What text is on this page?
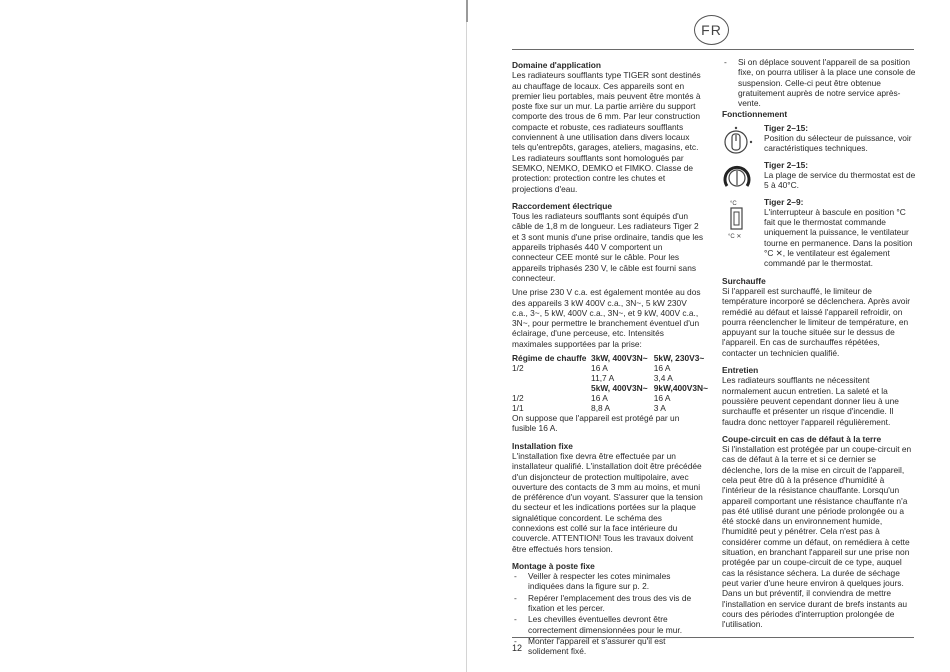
FR
12

Domaine d'application

Les radiateurs soufflants type TIGER sont destinés au chauffage de locaux. Ces appareils sont en premier lieu portables, mais peuvent être montés à poste fixe sur un mur. La partie arrière du support comporte des trous de 6 mm. Par leur construction compacte et robuste, ces radiateurs soufflants conviennent à une utilisation dans divers locaux tels qu'entrepôts, garages, ateliers, magasins, etc. Les radiateurs soufflants sont homologués par SEMKO, NEMKO, DEMKO et FIMKO. Classe de protection: protection contre les chutes et projections d'eau.

Raccordement électrique

Tous les radiateurs soufflants sont équipés d'un câble de 1,8 m de longueur. Les radiateurs Tiger 2 et 3 sont munis d'une prise ordinaire, tandis que les appareils triphasés 440 V comportent un connecteur CEE monté sur le câble. Pour les appareils triphasés 230 V, le câble est fourni sans connecteur.

Une prise 230 V c.a. est également montée au dos des appareils 3 kW 400V c.a., 3N~, 5 kW 230V c.a., 3~, 5 kW, 400V c.a., 3N~, et 9 kW, 400V c.a., 3N~, pour permettre le branchement éventuel d'un éclairage, d'une perceuse, etc. Intensités maximales supportées par la prise:

Régime de chauffe	3kW, 400V3N~	5kW, 230V3~
1/2	16 A	16 A
	11,7 A	3,4 A
	5kW, 400V3N~	9kW,400V3N~
1/2	16 A	16 A
1/1	8,8 A	3 A

On suppose que l'appareil est protégé par un fusible 16 A.

Installation fixe

L'installation fixe devra être effectuée par un installateur qualifié. L'installation doit être précédée d'un disjoncteur de protection multipolaire, avec ouverture des contacts de 3 mm au moins, et muni de préférence d'un voyant. S'assurer que la tension du secteur et les indications portées sur la plaque signalétique concordent. Le schéma des connexions est collé sur la face intérieure du couvercle. ATTENTION! Tous les travaux doivent être effectués hors tension.

Montage à poste fixe

- Veiller à respecter les cotes minimales indiquées dans la figure sur p. 2.
- Repérer l'emplacement des trous des vis de fixation et les percer.
- Les chevilles éventuelles devront être correctement dimensionnées pour le mur.
- Monter l'appareil et s'assurer qu'il est solidement fixé.
- Si on déplace souvent l'appareil de sa position fixe, on pourra utiliser à la place une console de suspension. Celle-ci peut être obtenue gratuitement auprès de notre service après-vente.

Fonctionnement

Tiger 2–15:
Position du sélecteur de puissance, voir caractéristiques techniques.
Tiger 2–15:
La plage de service du thermostat est de 5 à 40°C.
°C
°C ✕
Tiger 2–9:
L'interrupteur à bascule en position °C fait que le thermostat commande uniquement la puissance, le ventilateur tourne en permanence. Dans la position °C ✕, le ventilateur est également commandé par le thermostat.

Surchauffe

Si l'appareil est surchauffé, le limiteur de température incorporé se déclenchera. Après avoir remédié au défaut et laissé l'appareil refroidir, on pourra réenclencher le limiteur de température, en appuyant sur la touche située sur le dessus de l'appareil. En cas de surchauffes répétées, contacter un technicien qualifié.

Entretien

Les radiateurs soufflants ne nécessitent normalement aucun entretien. La saleté et la poussière peuvent cependant donner lieu à une surchauffe et présenter un risque d'incendie. Il faudra donc nettoyer l'appareil régulièrement.

Coupe-circuit en cas de défaut à la terre

Si l'installation est protégée par un coupe-circuit en cas de défaut à la terre et si ce dernier se déclenche, lors de la mise en circuit de l'appareil, cela peut être dû à la présence d'humidité à l'intérieur de la résistance chauffante. Lorsqu'un appareil comportant une résistance chauffante n'a pas été utilisé durant une période prolongée ou a été stocké dans un environnement humide, l'humidité peut y pénétrer. Cela n'est pas à considérer comme un défaut, on remédiera à cette situation, en branchant l'appareil sur une prise non protégée par un coupe-circuit de ce type, auquel cas la résistance séchera. La durée de séchage peut varier d'une heure environ à quelques jours. Dans un but préventif, il conviendra de mettre l'installation en service durant de brefs instants au cours des périodes d'interruption prolongée de l'utilisation.
